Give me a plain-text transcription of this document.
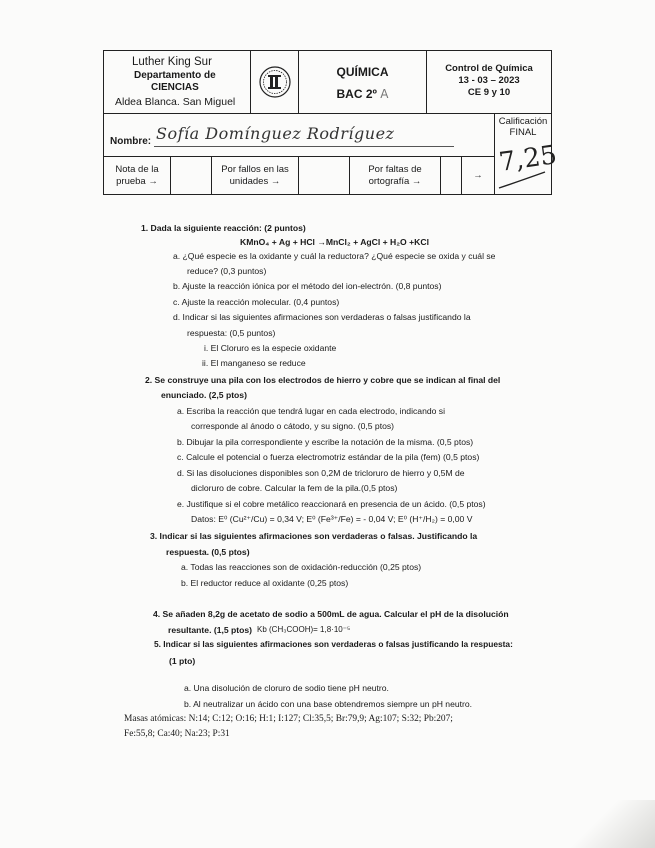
Luther King Sur
Departamento de
CIENCIAS
Aldea Blanca. San Miguel
QUÍMICA
BAC 2º A
Control de Química
13 - 03 – 2023
CE 9 y 10
Nombre: Sofía Domínguez Rodríguez
Nota de la prueba →
Por fallos en las unidades →
Por faltas de ortografía →
→
Calificación
FINAL
7,25
1. Dada la siguiente reacción: (2 puntos)
KMnO₄ + Ag + HCl →MnCl₂ + AgCl + H₂O +KCl
a. ¿Qué especie es la oxidante y cuál la reductora? ¿Qué especie se oxida y cuál se
reduce? (0,3 puntos)
b. Ajuste la reacción iónica por el método del ion-electrón. (0,8 puntos)
c. Ajuste la reacción molecular. (0,4 puntos)
d. Indicar si las siguientes afirmaciones son verdaderas o falsas justificando la
respuesta: (0,5 puntos)
i. El Cloruro es la especie oxidante
ii. El manganeso se reduce
2. Se construye una pila con los electrodos de hierro y cobre que se indican al final del
enunciado. (2,5 ptos)
a. Escriba la reacción que tendrá lugar en cada electrodo, indicando si
corresponde al ánodo o cátodo, y su signo. (0,5 ptos)
b. Dibujar la pila correspondiente y escribe la notación de la misma. (0,5 ptos)
c. Calcule el potencial o fuerza electromotriz estándar de la pila (fem) (0,5 ptos)
d. Si las disoluciones disponibles son 0,2M de tricloruro de hierro y 0,5M de
dicloruro de cobre. Calcular la fem de la pila.(0,5 ptos)
e. Justifique si el cobre metálico reaccionará en presencia de un ácido. (0,5 ptos)
Datos: E⁰ (Cu²⁺/Cu) = 0,34 V; E⁰ (Fe³⁺/Fe) = - 0,04 V; E⁰ (H⁺/H₂) = 0,00 V
3. Indicar si las siguientes afirmaciones son verdaderas o falsas. Justificando la
respuesta. (0,5 ptos)
a. Todas las reacciones son de oxidación-reducción (0,25 ptos)
b. El reductor reduce al oxidante (0,25 ptos)
4. Se añaden 8,2g de acetato de sodio a 500mL de agua. Calcular el pH de la disolución
resultante. (1,5 ptos) Kb (CH₃COOH)= 1,8·10⁻⁵
5. Indicar si las siguientes afirmaciones son verdaderas o falsas justificando la respuesta:
(1 pto)
a. Una disolución de cloruro de sodio tiene pH neutro.
b. Al neutralizar un ácido con una base obtendremos siempre un pH neutro.
Masas atómicas: N:14; C:12; O:16; H:1; I:127; Cl:35,5; Br:79,9; Ag:107; S:32; Pb:207;
Fe:55,8; Ca:40; Na:23; P:31
